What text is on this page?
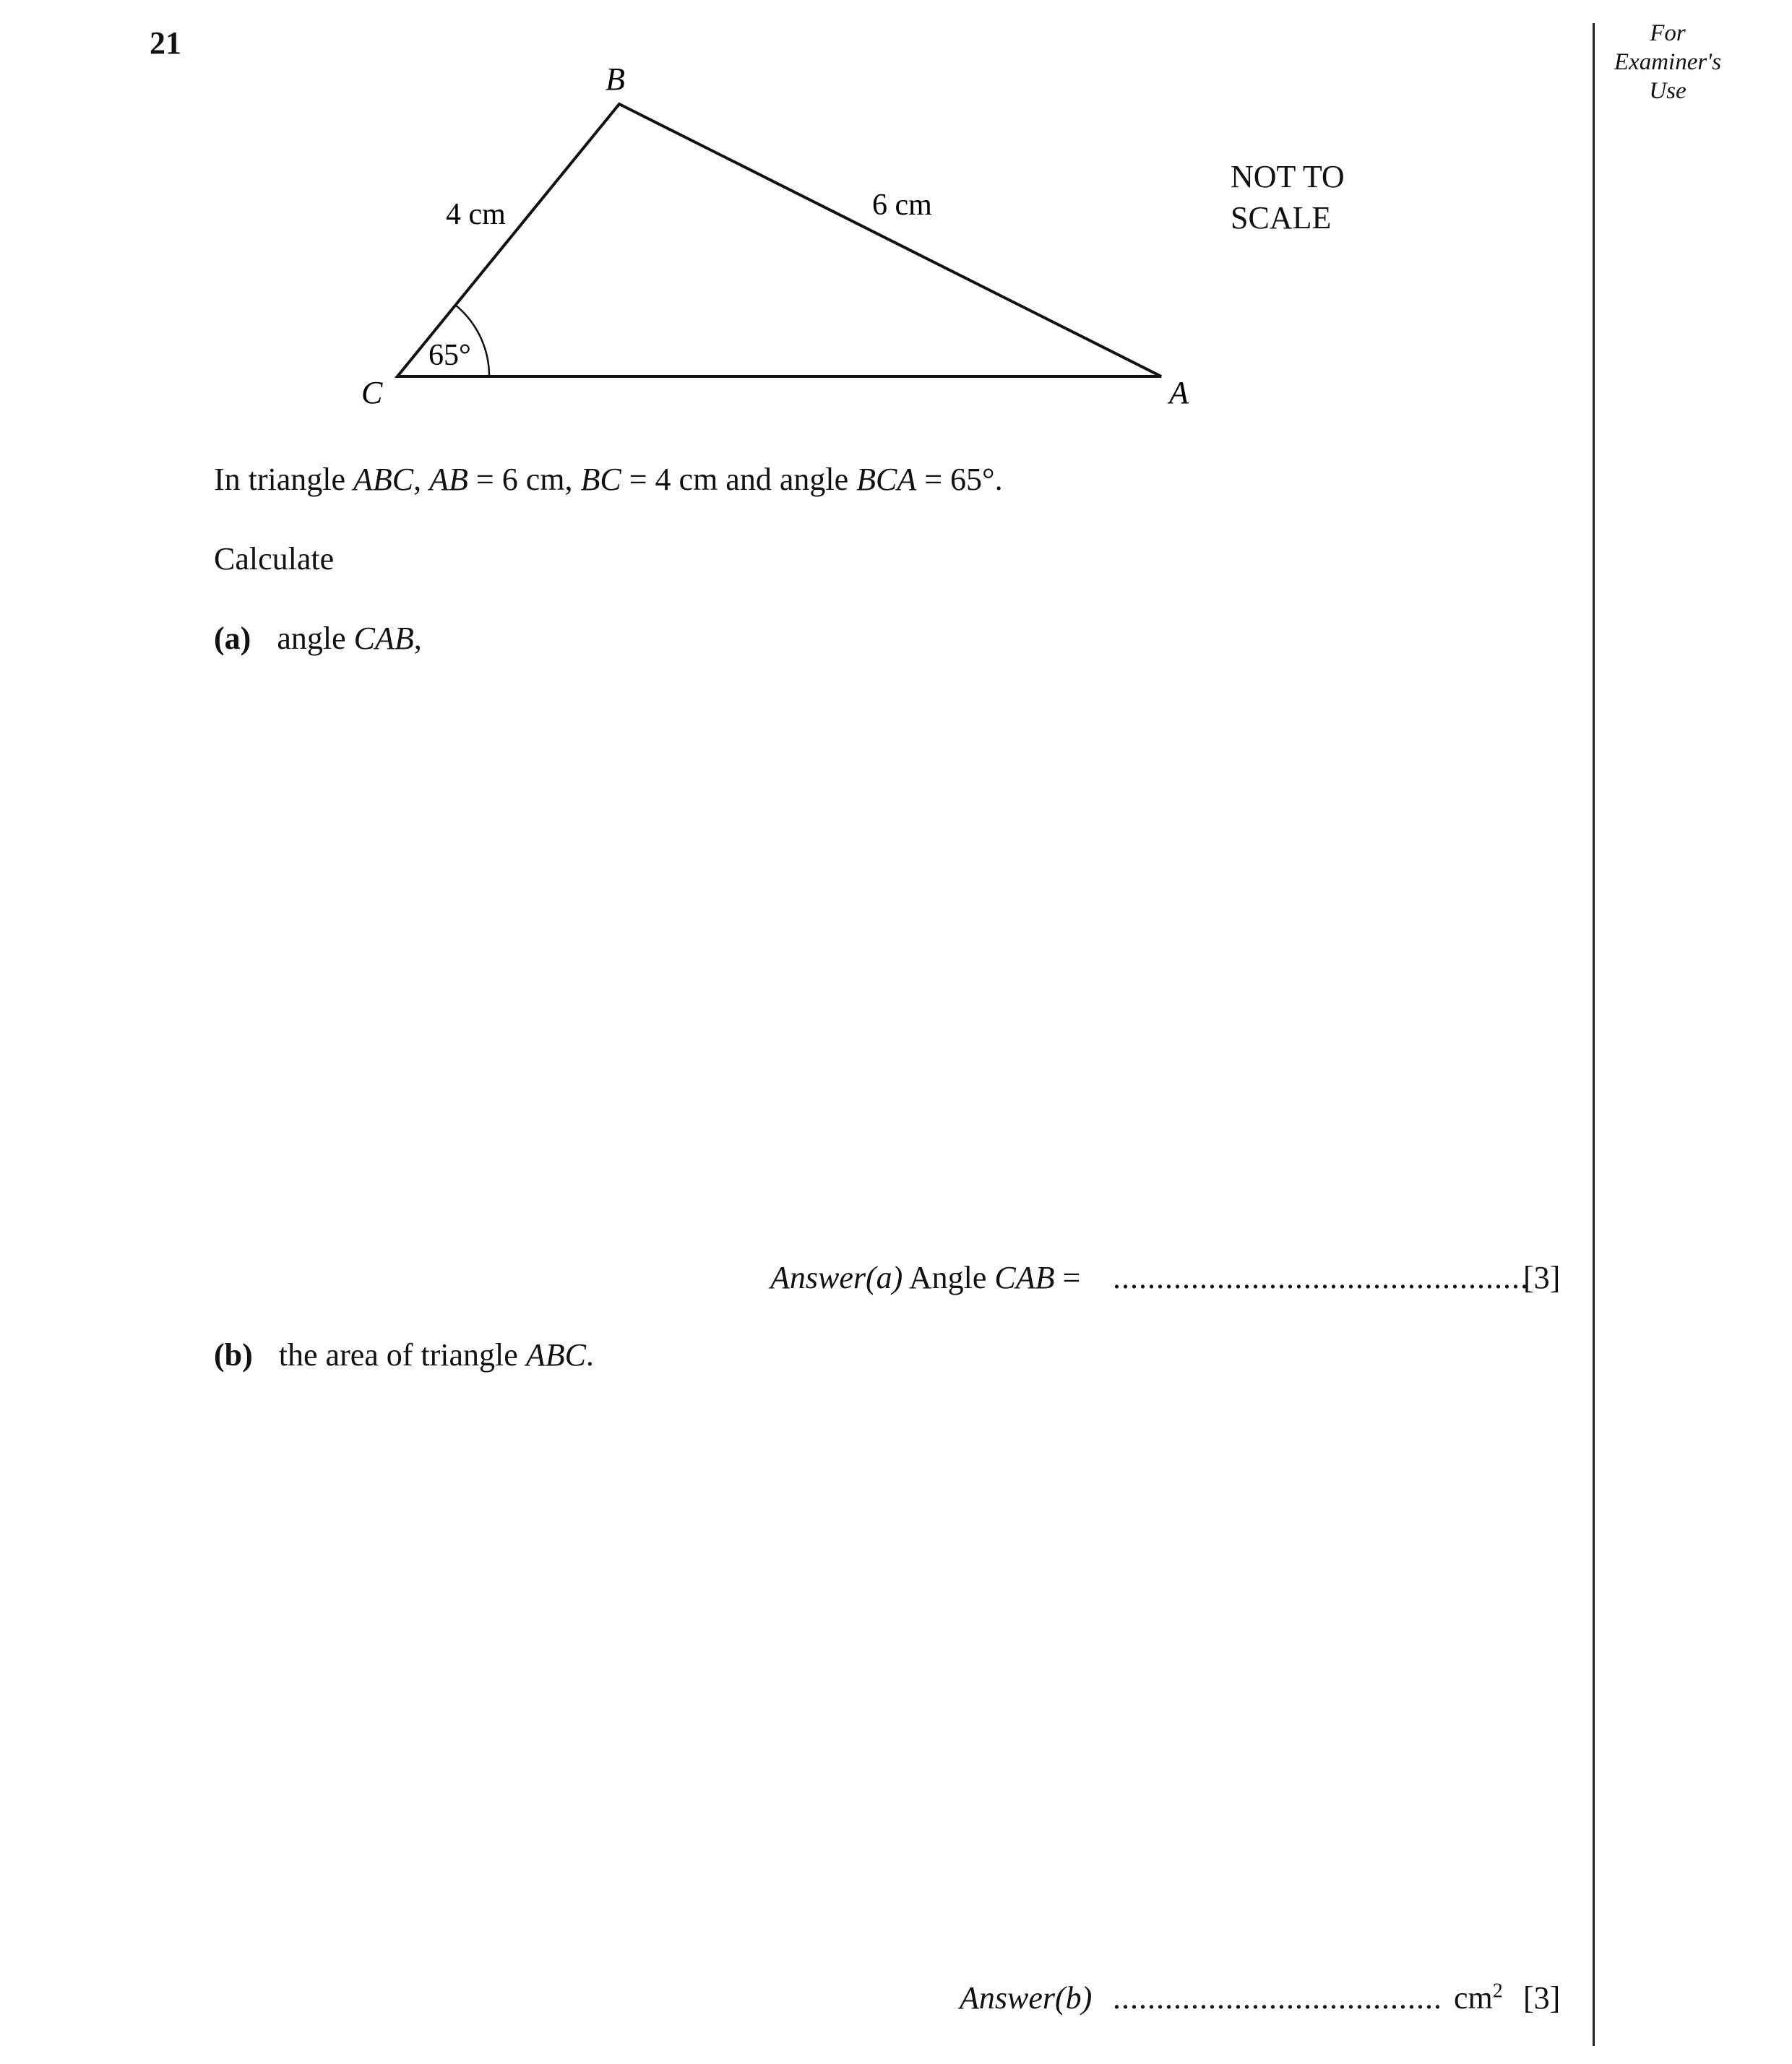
21	For
Examiner's
Use
B
C	A
4 cm	6 cm
65°
NOT TO
SCALE
In triangle ABC, AB = 6 cm, BC = 4 cm and angle BCA = 65°.
Calculate
(a) angle CAB,
Answer(a) Angle CAB = ................................................
[3]
(b) the area of triangle ABC.
Answer(b) ...................................... $cm^2$ [3]
